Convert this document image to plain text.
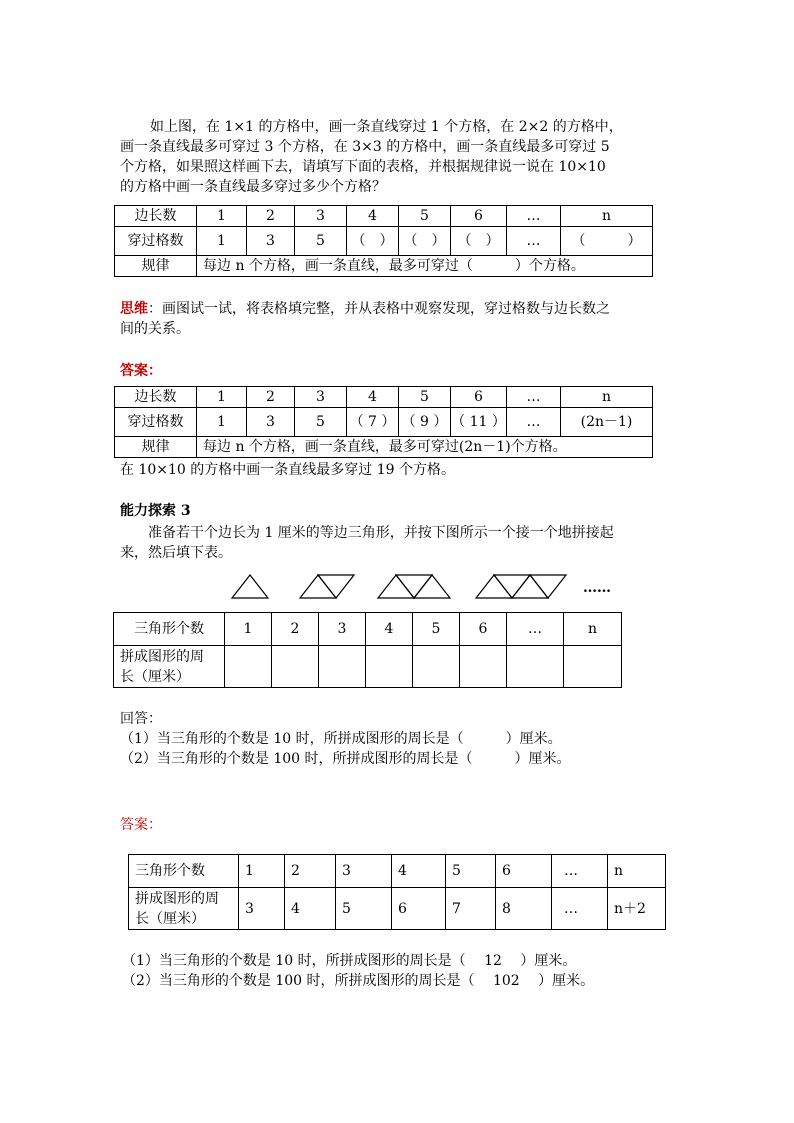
如上图，在 1×1 的方格中，画一条直线穿过 1 个方格，在 2×2 的方格中，
画一条直线最多可穿过 3 个方格，在 3×3 的方格中，画一条直线最多可穿过 5
个方格，如果照这样画下去，请填写下面的表格，并根据规律说一说在 10×10
的方格中画一条直线最多穿过多少个方格？
边长数	1	2	3	4	5	6	…	n
穿过格数	1	3	5	（　）	（　）	（　）	…	（　　　）
规律	每边 n 个方格，画一条直线，最多可穿过（　　　）个方格。							
思维：画图试一试，将表格填完整，并从表格中观察发现，穿过格数与边长数之
间的关系。
答案：
边长数	1	2	3	4	5	6	…	n
穿过格数	1	3	5	（ 7 ）	（ 9 ）	（ 11 ）	…	(2n－1)
规律	每边 n 个方格，画一条直线，最多可穿过(2n－1)个方格。							
在 10×10 的方格中画一条直线最多穿过 19 个方格。
能力探索 3
准备若干个边长为 1 厘米的等边三角形，并按下图所示一个接一个地拼接起
来，然后填下表。
……
三角形个数	1	2	3	4	5	6	…	n

拼成图形的周
长（厘米）								

回答：
（1）当三角形的个数是 10 时，所拼成图形的周长是（　　　）厘米。
（2）当三角形的个数是 100 时，所拼成图形的周长是（　　　）厘米。
答案：
三角形个数	1	2	3	4	5	6	…	n

拼成图形的周
长（厘米）	3	4	5	6	7	8	…	n＋2
（1）当三角形的个数是 10 时，所拼成图形的周长是（　 12 　）厘米。
（2）当三角形的个数是 100 时，所拼成图形的周长是（　 102 　）厘米。
